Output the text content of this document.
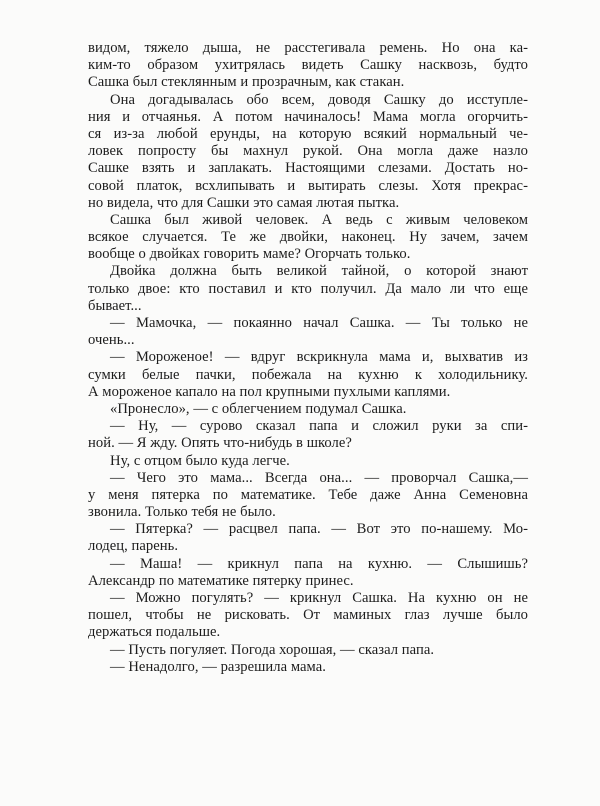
видом, тяжело дыша, не расстегивала ремень. Но она ка-
ким-то образом ухитрялась видеть Сашку насквозь, будто
Сашка был стеклянным и прозрачным, как стакан.
Она догадывалась обо всем, доводя Сашку до исступле-
ния и отчаянья. А потом начиналось! Мама могла огорчить-
ся из-за любой ерунды, на которую всякий нормальный че-
ловек попросту бы махнул рукой. Она могла даже назло
Сашке взять и заплакать. Настоящими слезами. Достать но-
совой платок, всхлипывать и вытирать слезы. Хотя прекрас-
но видела, что для Сашки это самая лютая пытка.
Сашка был живой человек. А ведь с живым человеком
всякое случается. Те же двойки, наконец. Ну зачем, зачем
вообще о двойках говорить маме? Огорчать только.
Двойка должна быть великой тайной, о которой знают
только двое: кто поставил и кто получил. Да мало ли что еще
бывает...
— Мамочка, — покаянно начал Сашка. — Ты только не
очень...
— Мороженое! — вдруг вскрикнула мама и, выхватив из
сумки белые пачки, побежала на кухню к холодильнику.
А мороженое капало на пол крупными пухлыми каплями.
«Пронесло», — с облегчением подумал Сашка.
— Ну, — сурово сказал папа и сложил руки за спи-
ной. — Я жду. Опять что-нибудь в школе?
Ну, с отцом было куда легче.
— Чего это мама... Всегда она... — проворчал Сашка,—
у меня пятерка по математике. Тебе даже Анна Семеновна
звонила. Только тебя не было.
— Пятерка? — расцвел папа. — Вот это по-нашему. Мо-
лодец, парень.
— Маша! — крикнул папа на кухню. — Слышишь?
Александр по математике пятерку принес.
— Можно погулять? — крикнул Сашка. На кухню он не
пошел, чтобы не рисковать. От маминых глаз лучше было
держаться подальше.
— Пусть погуляет. Погода хорошая, — сказал папа.
— Ненадолго, — разрешила мама.
